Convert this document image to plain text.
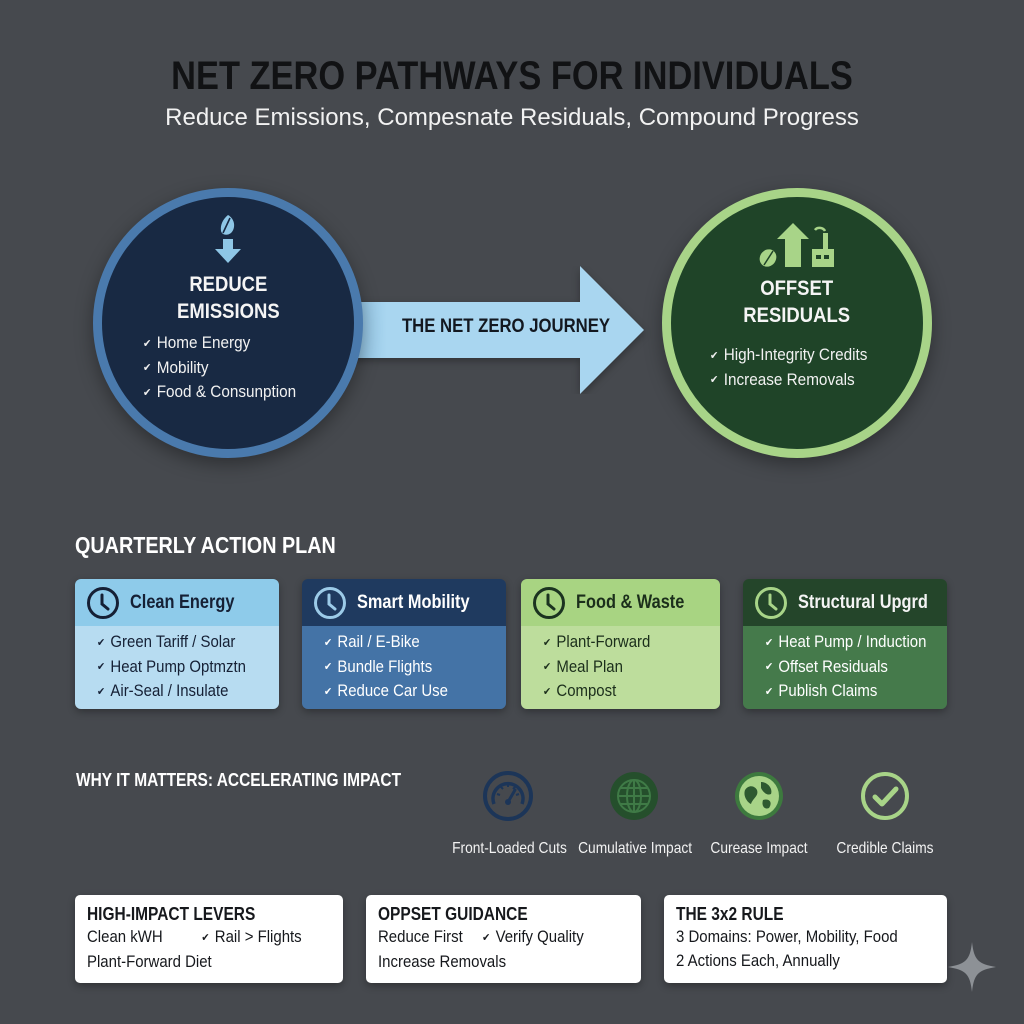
NET ZERO PATHWAYS FOR INDIVIDUALS
Reduce Emissions, Compesnate Residuals, Compound Progress
THE NET ZERO JOURNEY
REDUCE
EMISSIONS
✔ Home Energy
✔ Mobility
✔ Food & Consunption
OFFSET
RESIDUALS
✔ High-Integrity Credits
✔ Increase Removals
QUARTERLY ACTION PLAN
Clean Energy
✔ Green Tariff / Solar
✔ Heat Pump Optmztn
✔ Air-Seal / Insulate
Smart Mobility
✔ Rail / E-Bike
✔ Bundle Flights
✔ Reduce Car Use
Food & Waste
✔ Plant-Forward
✔ Meal Plan
✔ Compost
Structural Upgrd
✔ Heat Pump / Induction
✔ Offset Residuals
✔ Publish Claims
WHY IT MATTERS: ACCELERATING IMPACT
Front-Loaded Cuts Cumulative Impact	Curease Impact	Credible Claims
HIGH-IMPACT LEVERS
Clean kWH	✔ Rail > Flights
Plant-Forward Diet
OPPSET GUIDANCE
Reduce First ✔ Verify Quality
Increase Removals
THE 3x2 RULE
3 Domains: Power, Mobility, Food
2 Actions Each, Annually
